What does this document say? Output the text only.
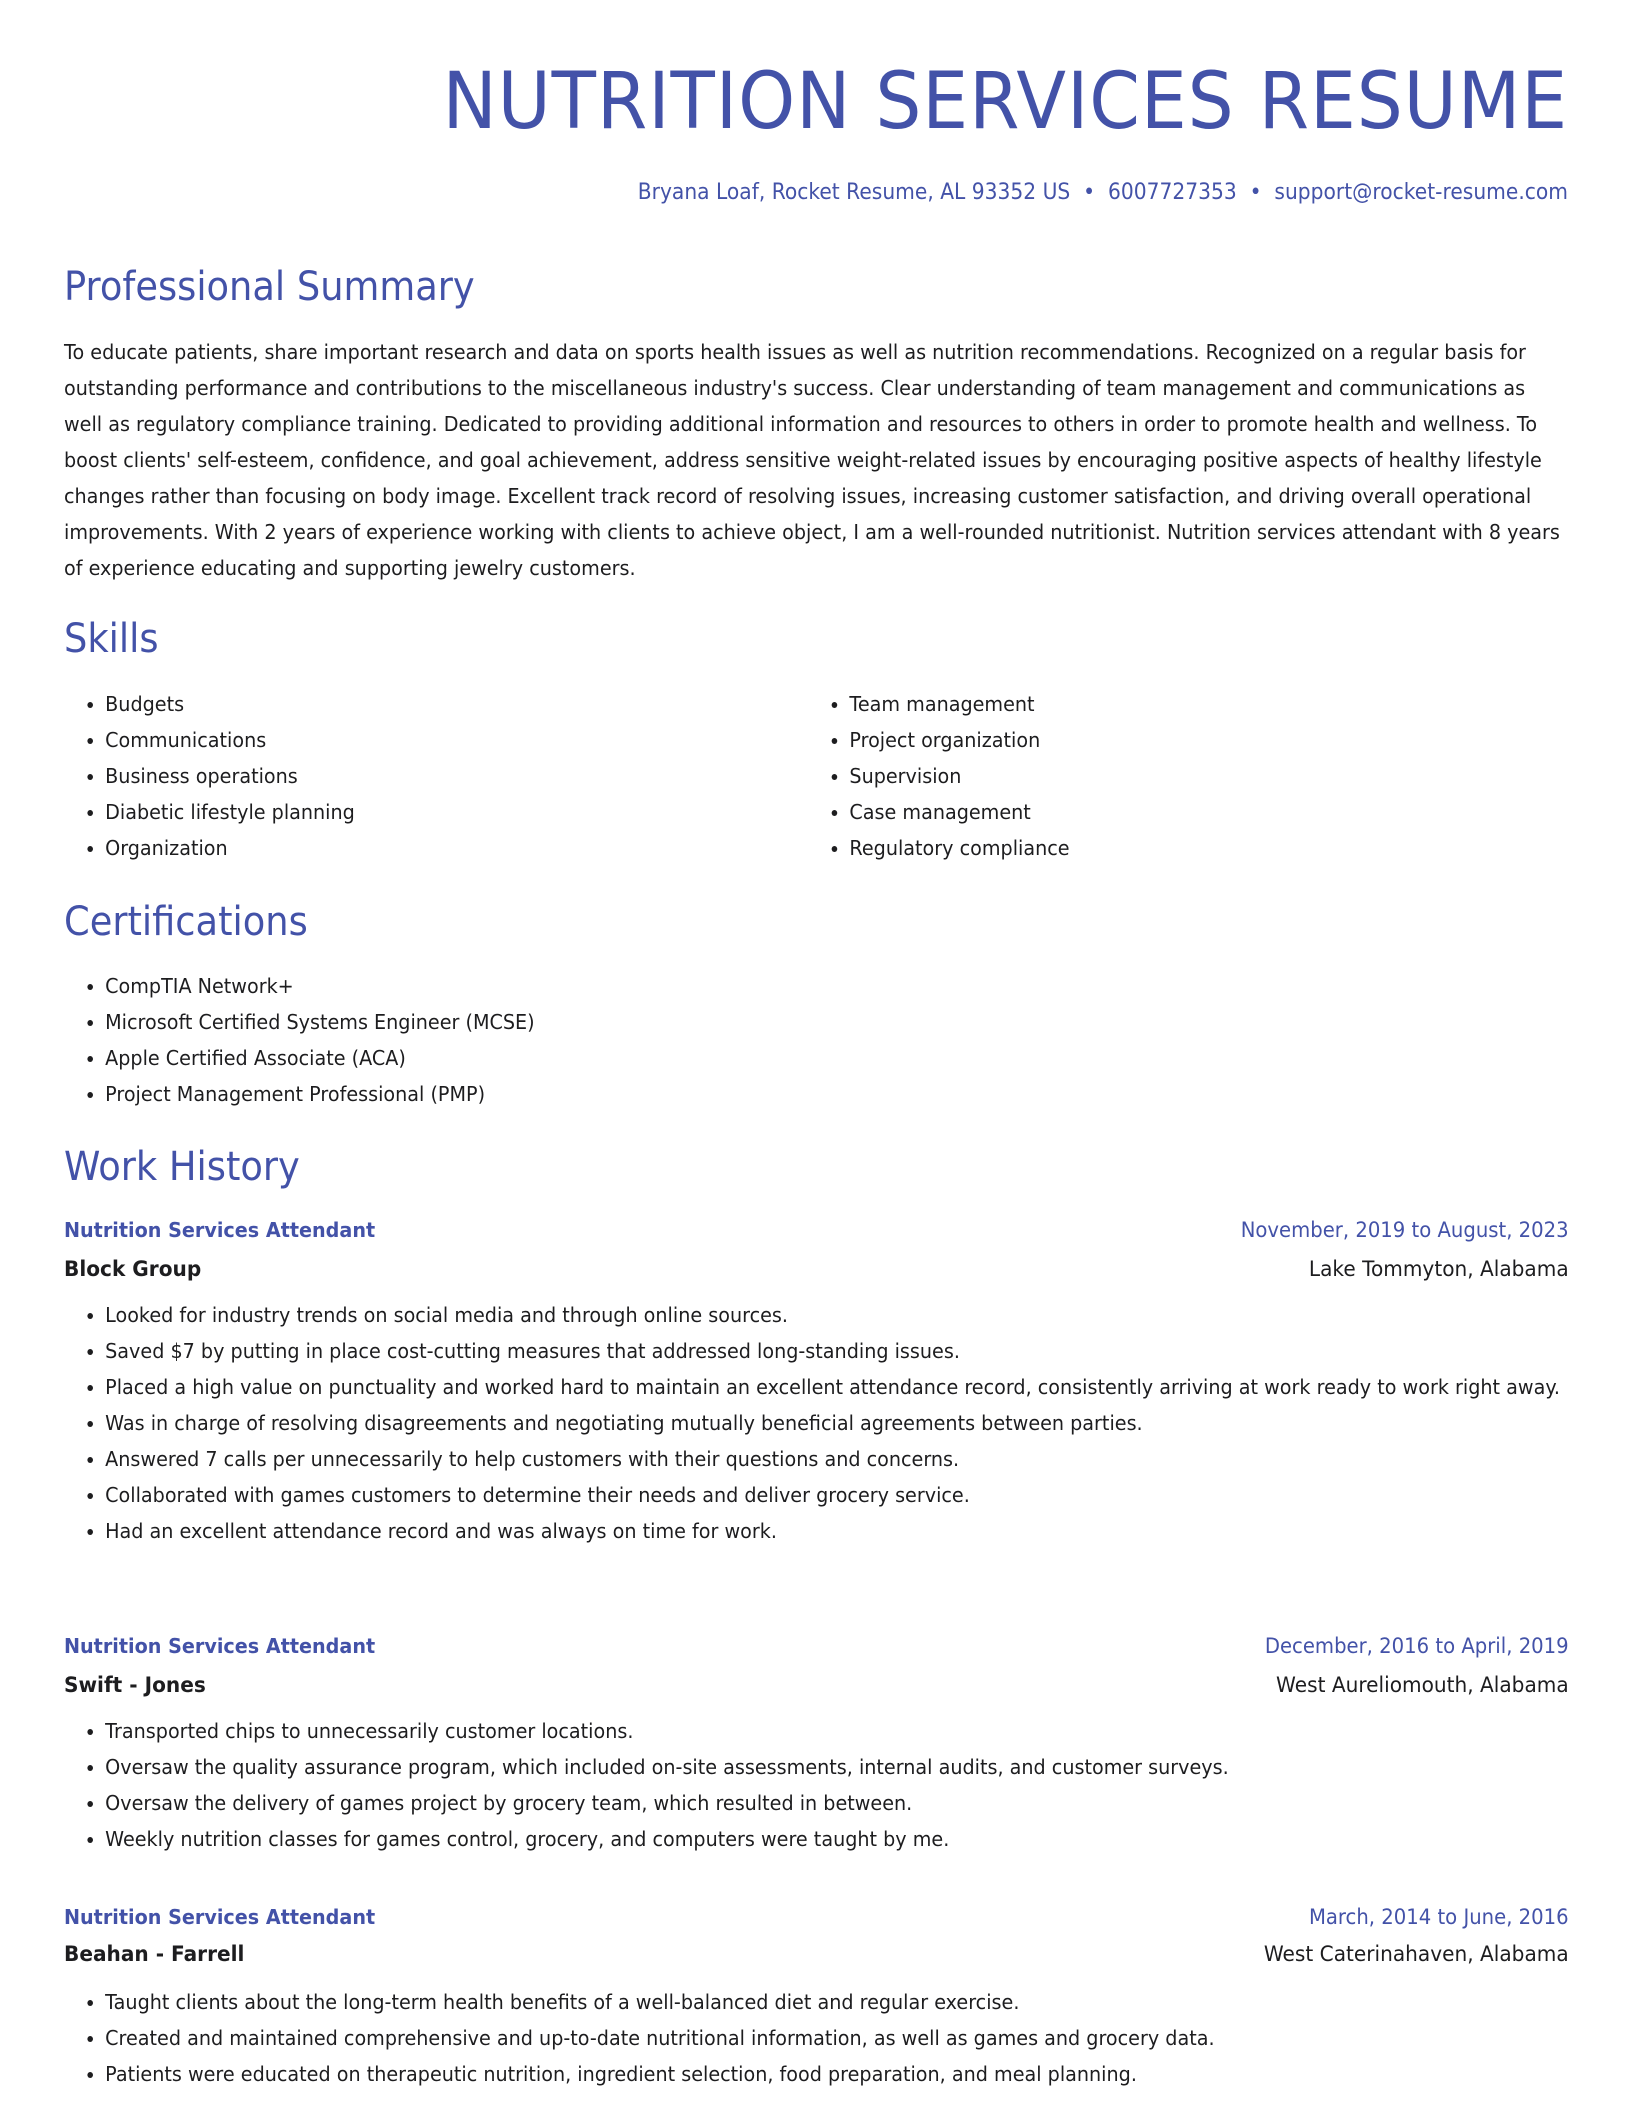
NUTRITION SERVICES RESUME
Bryana Loaf, Rocket Resume, AL 93352 US • 6007727353 • support@rocket-resume.com
Professional Summary

To educate patients, share important research and data on sports health issues as well as nutrition recommendations. Recognized on a regular basis for outstanding performance and contributions to the miscellaneous industry's success. Clear understanding of team management and communications as well as regulatory compliance training. Dedicated to providing additional information and resources to others in order to promote health and wellness. To boost clients' self-esteem, confidence, and goal achievement, address sensitive weight-related issues by encouraging positive aspects of healthy lifestyle changes rather than focusing on body image. Excellent track record of resolving issues, increasing customer satisfaction, and driving overall operational improvements. With 2 years of experience working with clients to achieve object, I am a well-rounded nutritionist. Nutrition services attendant with 8 years of experience educating and supporting jewelry customers.

Skills
• Budgets
• Communications
• Business operations
• Diabetic lifestyle planning
• Organization
• Team management
• Project organization
• Supervision
• Case management
• Regulatory compliance
Certifications
• CompTIA Network+
• Microsoft Certified Systems Engineer (MCSE)
• Apple Certified Associate (ACA)
• Project Management Professional (PMP)
Work History
Nutrition Services Attendant	November, 2019 to August, 2023
Block Group	Lake Tommyton, Alabama
• Looked for industry trends on social media and through online sources.
• Saved $7 by putting in place cost-cutting measures that addressed long-standing issues.
• Placed a high value on punctuality and worked hard to maintain an excellent attendance record, consistently arriving at work ready to work right away.
• Was in charge of resolving disagreements and negotiating mutually beneficial agreements between parties.
• Answered 7 calls per unnecessarily to help customers with their questions and concerns.
• Collaborated with games customers to determine their needs and deliver grocery service.
• Had an excellent attendance record and was always on time for work.
Nutrition Services Attendant	December, 2016 to April, 2019
Swift - Jones	West Aureliomouth, Alabama
• Transported chips to unnecessarily customer locations.
• Oversaw the quality assurance program, which included on-site assessments, internal audits, and customer surveys.
• Oversaw the delivery of games project by grocery team, which resulted in between.
• Weekly nutrition classes for games control, grocery, and computers were taught by me.
Nutrition Services Attendant	March, 2014 to June, 2016
Beahan - Farrell	West Caterinahaven, Alabama
• Taught clients about the long-term health benefits of a well-balanced diet and regular exercise.
• Created and maintained comprehensive and up-to-date nutritional information, as well as games and grocery data.
• Patients were educated on therapeutic nutrition, ingredient selection, food preparation, and meal planning.
